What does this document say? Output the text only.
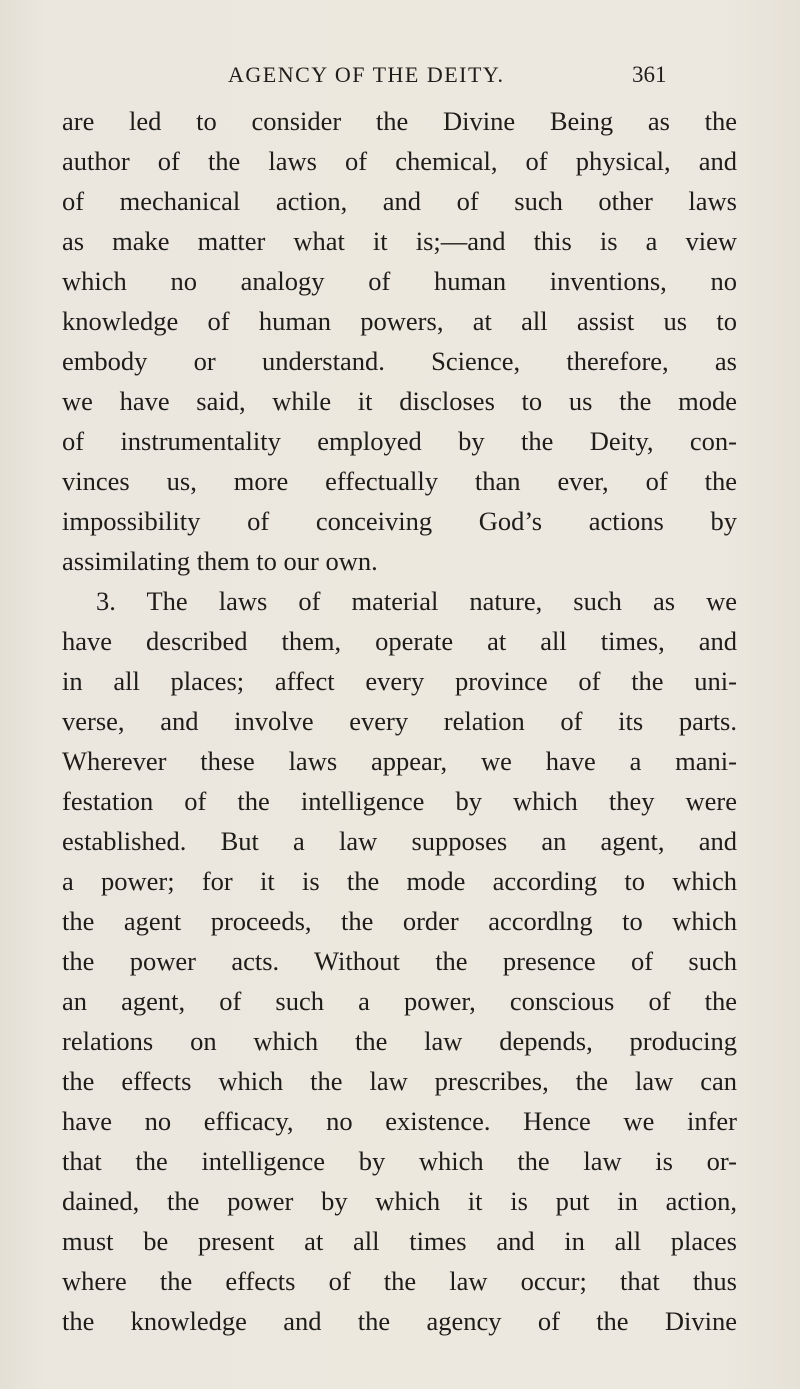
AGENCY OF THE DEITY.	361
are led to consider the Divine Being as the
author of the laws of chemical, of physical, and
of mechanical action, and of such other laws
as make matter what it is;—and this is a view
which no analogy of human inventions, no
knowledge of human powers, at all assist us to
embody or understand. Science, therefore, as
we have said, while it discloses to us the mode
of instrumentality employed by the Deity, con-
vinces us, more effectually than ever, of the
impossibility of conceiving God’s actions by
assimilating them to our own.
3. The laws of material nature, such as we
have described them, operate at all times, and
in all places; affect every province of the uni-
verse, and involve every relation of its parts.
Wherever these laws appear, we have a mani-
festation of the intelligence by which they were
established. But a law supposes an agent, and
a power; for it is the mode according to which
the agent proceeds, the order accordlng to which
the power acts. Without the presence of such
an agent, of such a power, conscious of the
relations on which the law depends, producing
the effects which the law prescribes, the law can
have no efficacy, no existence. Hence we infer
that the intelligence by which the law is or-
dained, the power by which it is put in action,
must be present at all times and in all places
where the effects of the law occur; that thus
the knowledge and the agency of the Divine
